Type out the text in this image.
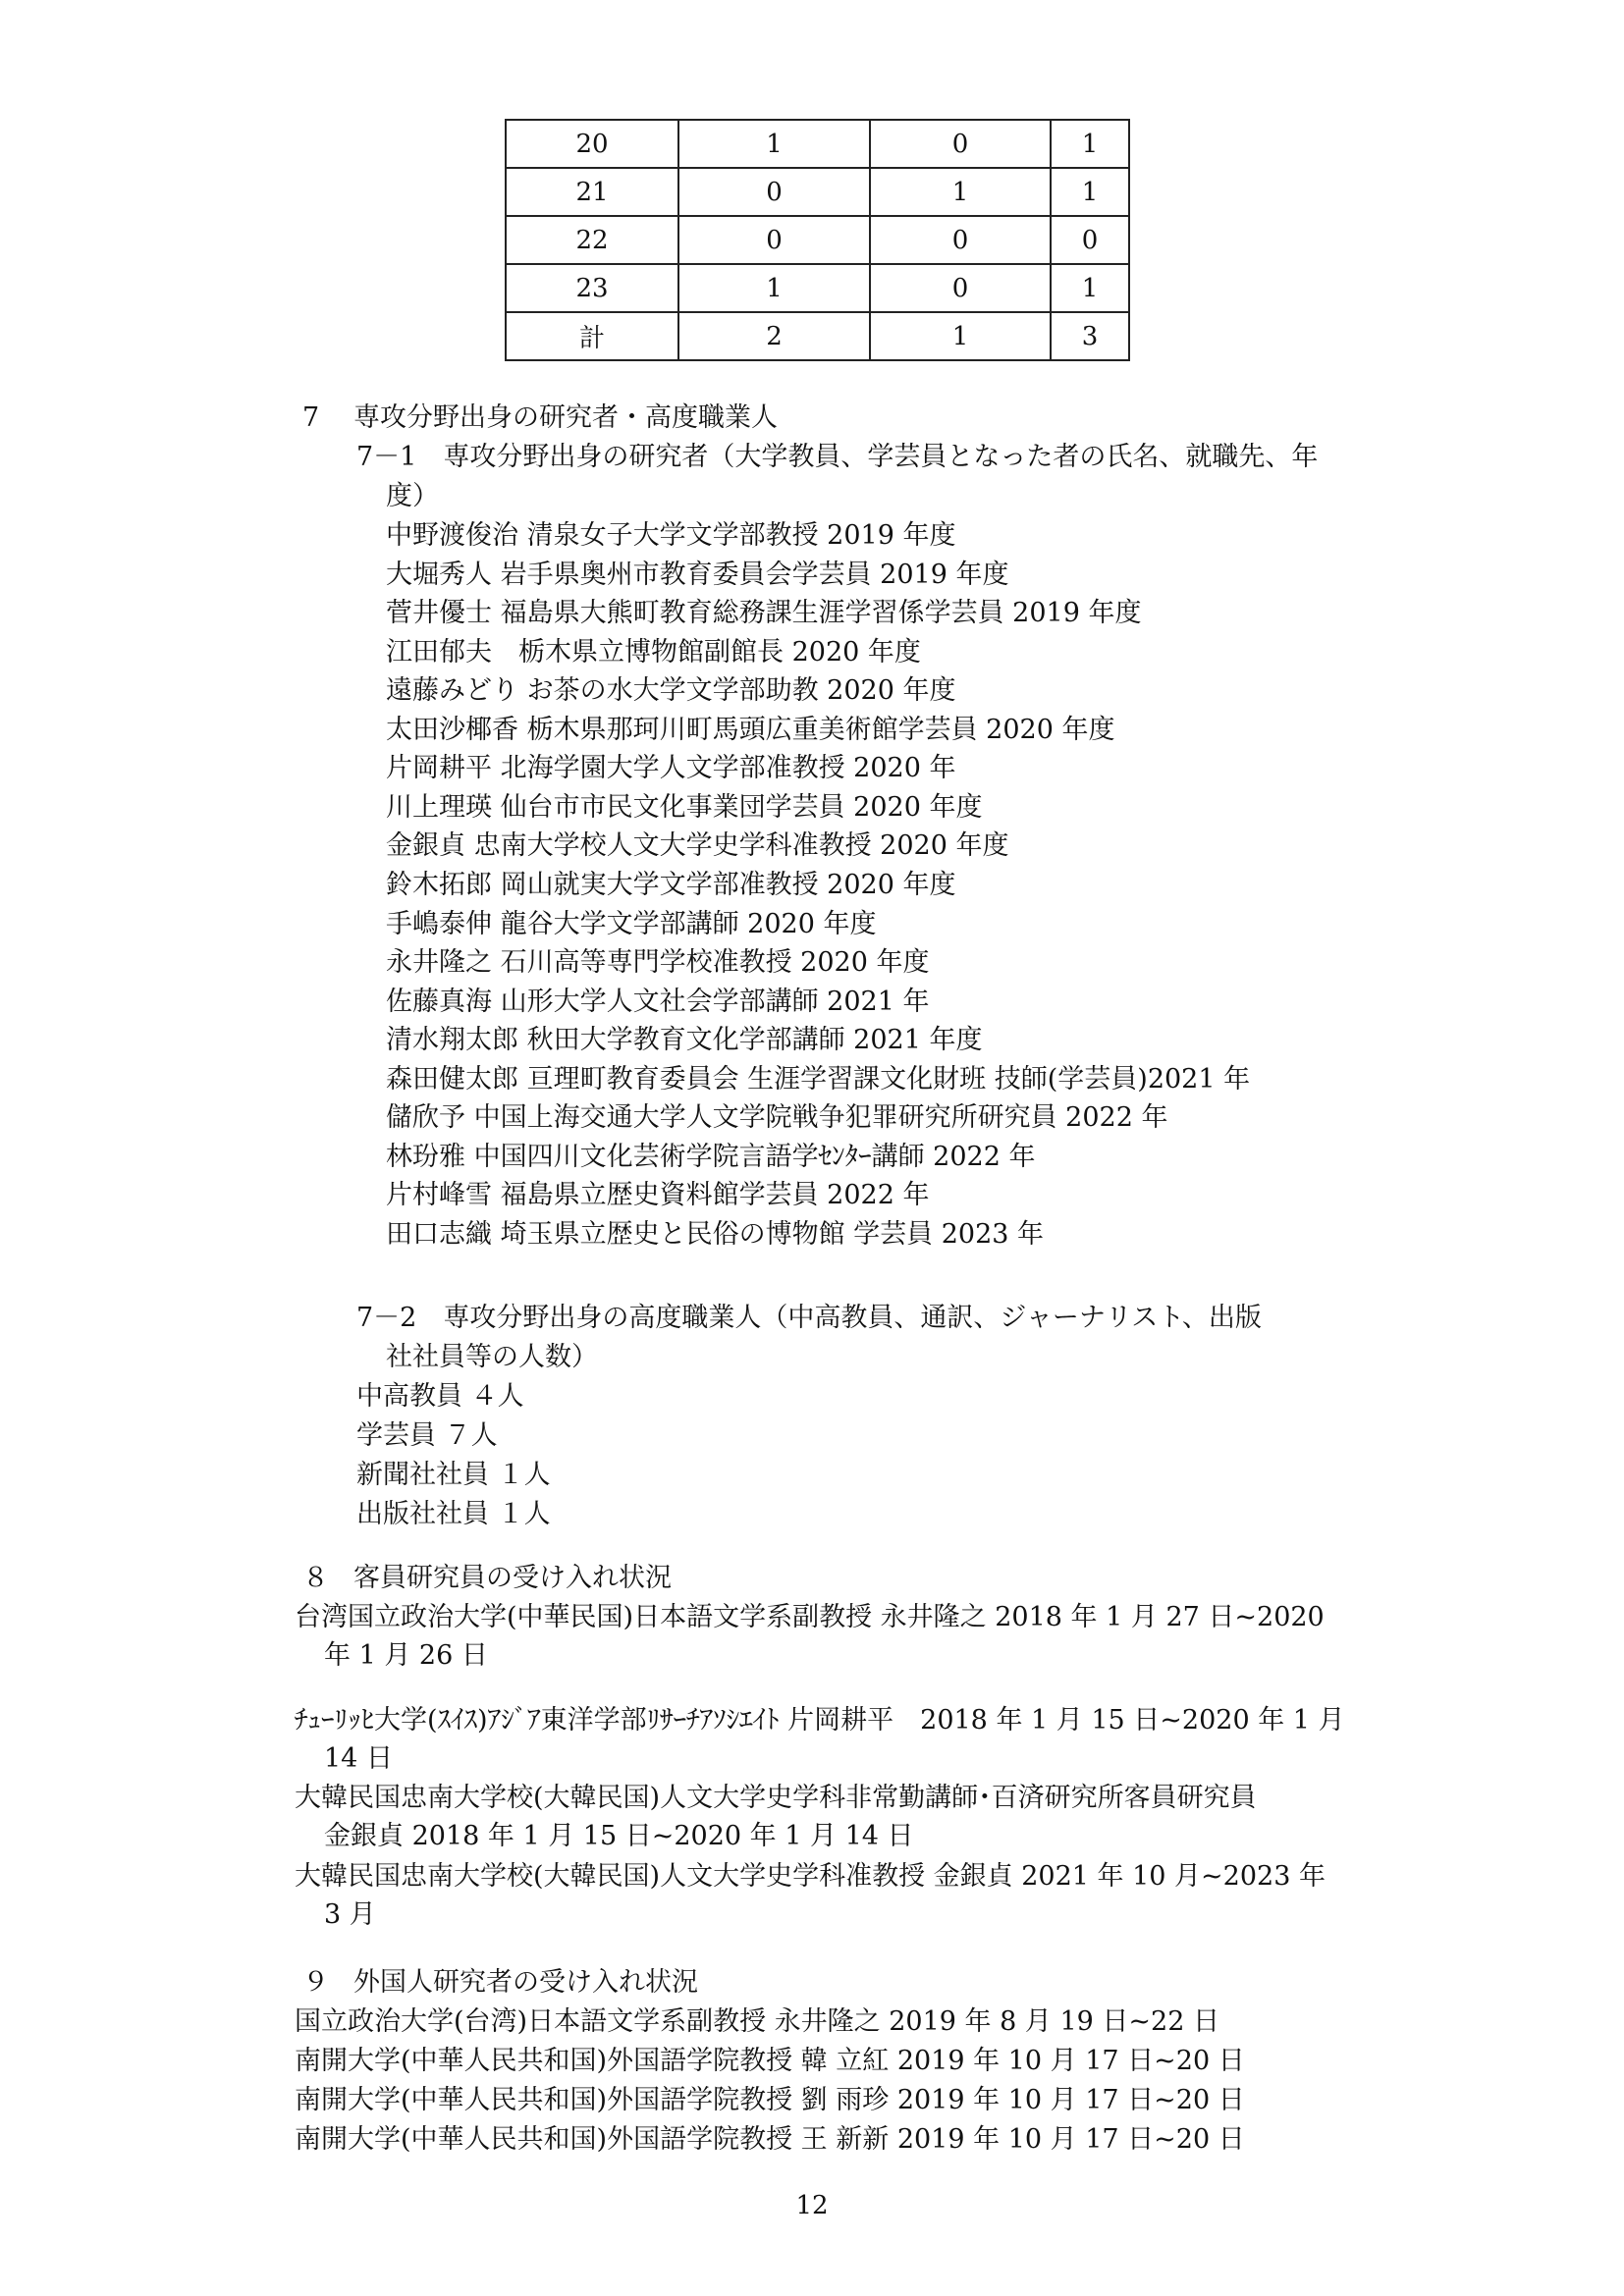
20	1	0	1
21	0	1	1
22	0	0	0
23	1	0	1
計	2	1	3
7 専攻分野出身の研究者・高度職業人
7－1　専攻分野出身の研究者（大学教員、学芸員となった者の氏名、就職先、年
度）
中野渡俊治 清泉女子大学文学部教授 2019 年度
大堀秀人 岩手県奥州市教育委員会学芸員 2019 年度
菅井優士 福島県大熊町教育総務課生涯学習係学芸員 2019 年度
江田郁夫　栃木県立博物館副館長 2020 年度
遠藤みどり お茶の水大学文学部助教 2020 年度
太田沙椰香 栃木県那珂川町馬頭広重美術館学芸員 2020 年度
片岡耕平 北海学園大学人文学部准教授 2020 年
川上理瑛 仙台市市民文化事業団学芸員 2020 年度
金銀貞 忠南大学校人文大学史学科准教授 2020 年度
鈴木拓郎 岡山就実大学文学部准教授 2020 年度
手嶋泰伸 龍谷大学文学部講師 2020 年度
永井隆之 石川高等専門学校准教授 2020 年度
佐藤真海 山形大学人文社会学部講師 2021 年
清水翔太郎 秋田大学教育文化学部講師 2021 年度
森田健太郎 亘理町教育委員会 生涯学習課文化財班 技師(学芸員)2021 年
儲欣予 中国上海交通大学人文学院戦争犯罪研究所研究員 2022 年
林玢雅 中国四川文化芸術学院言語学ｾﾝﾀｰ講師 2022 年
片村峰雪 福島県立歴史資料館学芸員 2022 年
田口志織 埼玉県立歴史と民俗の博物館 学芸員 2023 年
7－2　専攻分野出身の高度職業人（中高教員、通訳、ジャーナリスト、出版
社社員等の人数）
中高教員 ４人
学芸員 ７人
新聞社社員 １人
出版社社員 １人
８ 客員研究員の受け入れ状況
台湾国立政治大学(中華民国)日本語文学系副教授 永井隆之 2018 年 1 月 27 日~2020
年 1 月 26 日
ﾁｭｰﾘｯﾋ大学(ｽｲｽ)ｱｼﾞｱ東洋学部ﾘｻｰﾁｱｿｼｴｲﾄ 片岡耕平　2018 年 1 月 15 日~2020 年 1 月
14 日
大韓民国忠南大学校(大韓民国)人文大学史学科非常勤講師･百済研究所客員研究員
金銀貞 2018 年 1 月 15 日~2020 年 1 月 14 日
大韓民国忠南大学校(大韓民国)人文大学史学科准教授 金銀貞 2021 年 10 月~2023 年
3 月
９ 外国人研究者の受け入れ状況
国立政治大学(台湾)日本語文学系副教授 永井隆之 2019 年 8 月 19 日~22 日
南開大学(中華人民共和国)外国語学院教授 韓 立紅 2019 年 10 月 17 日~20 日
南開大学(中華人民共和国)外国語学院教授 劉 雨珍 2019 年 10 月 17 日~20 日
南開大学(中華人民共和国)外国語学院教授 王 新新 2019 年 10 月 17 日~20 日
12
